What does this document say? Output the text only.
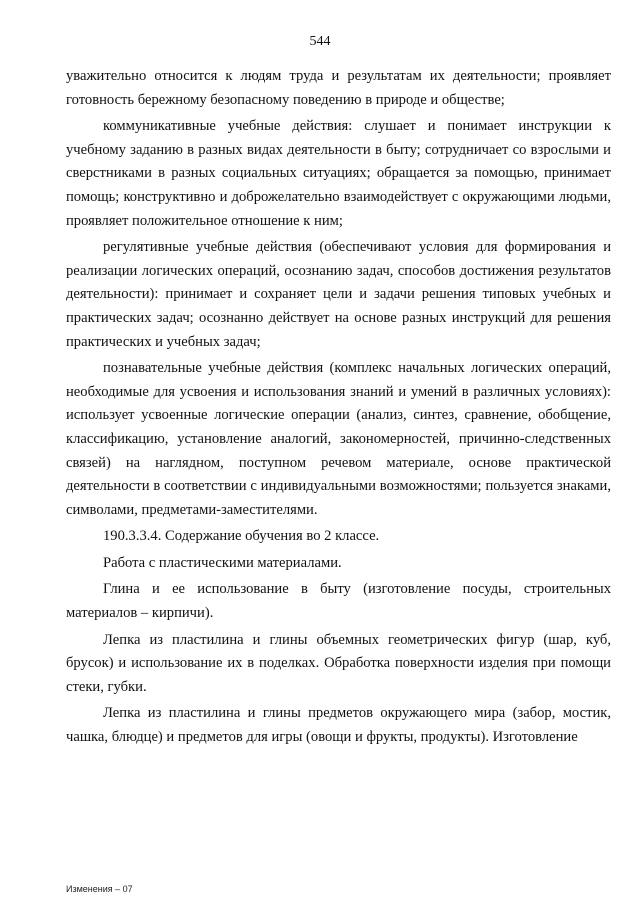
544

уважительно относится к людям труда и результатам их деятельности; проявляет готовность бережному безопасному поведению в природе и обществе;

коммуникативные учебные действия: слушает и понимает инструкции к учебному заданию в разных видах деятельности в быту; сотрудничает со взрослыми и сверстниками в разных социальных ситуациях; обращается за помощью, принимает помощь; конструктивно и доброжелательно взаимодействует с окружающими людьми, проявляет положительное отношение к ним;

регулятивные учебные действия (обеспечивают условия для формирования и реализации логических операций, осознанию задач, способов достижения результатов деятельности): принимает и сохраняет цели и задачи решения типовых учебных и практических задач; осознанно действует на основе разных инструкций для решения практических и учебных задач;

познавательные учебные действия (комплекс начальных логических операций, необходимые для усвоения и использования знаний и умений в различных условиях): использует усвоенные логические операции (анализ, синтез, сравнение, обобщение, классификацию, установление аналогий, закономерностей, причинно-следственных связей) на наглядном, поступном речевом материале, основе практической деятельности в соответствии с индивидуальными возможностями; пользуется знаками, символами, предметами-заместителями.

190.3.3.4. Содержание обучения во 2 классе.

Работа с пластическими материалами.

Глина и ее использование в быту (изготовление посуды, строительных материалов – кирпичи).

Лепка из пластилина и глины объемных геометрических фигур (шар, куб, брусок) и использование их в поделках. Обработка поверхности изделия при помощи стеки, губки.

Лепка из пластилина и глины предметов окружающего мира (забор, мостик, чашка, блюдце) и предметов для игры (овощи и фрукты, продукты). Изготовление

Изменения – 07
